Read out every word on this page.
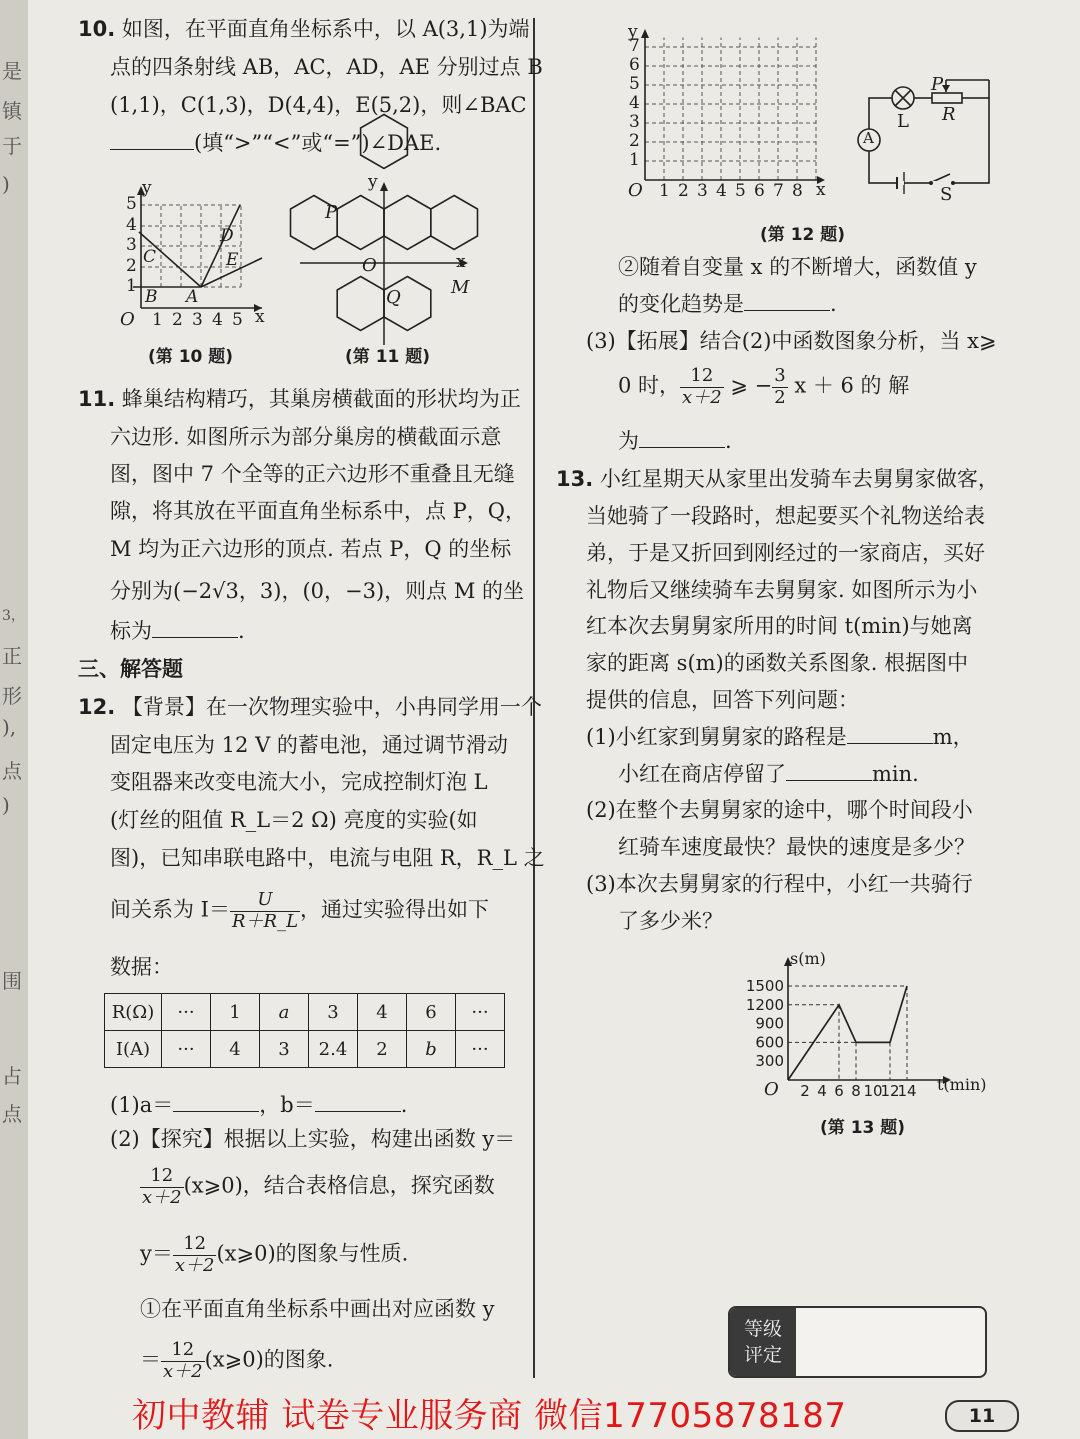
是
镇
于
)
3，
正
形
),
点
)
围
占
点
10. 如图，在平面直角坐标系中，以 A(3,1)为端
点的四条射线 AB，AC，AD，AE 分别过点 B
(1,1)，C(1,3)，D(4,4)，E(5,2)，则∠BAC
(填“>”“<”或“=”)∠DAE.
y
x
O 1 2 3 4 5
1
2
3
4
5
B A
C
D
E
(第 10 题)
y
x
O
P
Q	M
(第 11 题)
11. 蜂巢结构精巧，其巢房横截面的形状均为正
六边形. 如图所示为部分巢房的横截面示意
图，图中 7 个全等的正六边形不重叠且无缝
隙，将其放在平面直角坐标系中，点 P，Q，
M 均为正六边形的顶点. 若点 P，Q 的坐标
分别为(−2√3，3)，(0，−3)，则点 M 的坐
标为	.
三、解答题
12. 【背景】在一次物理实验中，小冉同学用一个
固定电压为 12 V 的蓄电池，通过调节滑动
变阻器来改变电流大小，完成控制灯泡 L
(灯丝的阻值 R_L＝2 Ω) 亮度的实验(如
图)，已知串联电路中，电流与电阻 R，R_L 之
间关系为 $I= \frac{U}{R+R\_L}$ ，通过实验得出如下
数据：
R(Ω)	···	1	a	3	4	6	···
I(A)	···	4	3	2.4	2	b	···
(1)a＝	，b＝	.
(2)【探究】根据以上实验，构建出函数 y＝
$\frac{12}{x+2}$ (x⩾0)，结合表格信息，探究函数
$y= \frac{12}{x+2}$ (x⩾0)的图象与性质.
①在平面直角坐标系中画出对应函数 y
＝ $\frac{12}{x+2}$ (x⩾0)的图象.
y
x
O 1 2 3 4 5 6 7 8
1
2
3
4
5
6
7
P
R
L
A
S
(第 12 题)
②随着自变量 x 的不断增大，函数值 y
的变化趋势是	.
(3)【拓展】结合(2)中函数图象分析，当 x⩾
0 时， $\frac{12}{x+2}$ ⩾ − $\frac{3}{2}$ x ＋ 6 的 解
为	.
13. 小红星期天从家里出发骑车去舅舅家做客，
当她骑了一段路时，想起要买个礼物送给表
弟，于是又折回到刚经过的一家商店，买好
礼物后又继续骑车去舅舅家. 如图所示为小
红本次去舅舅家所用的时间 t(min)与她离
家的距离 s(m)的函数关系图象. 根据图中
提供的信息，回答下列问题：
(1)小红家到舅舅家的路程是	m，
小红在商店停留了	min.
(2)在整个去舅舅家的途中，哪个时间段小
红骑车速度最快？最快的速度是多少？
(3)本次去舅舅家的行程中，小红一共骑行
了多少米？
2 4 6 8 10
12
14
300
600
900
1200
1500
s(m)
t(min)
O
(第 13 题)
等级
评定
初中教辅 试卷专业服务商 微信17705878187	11
